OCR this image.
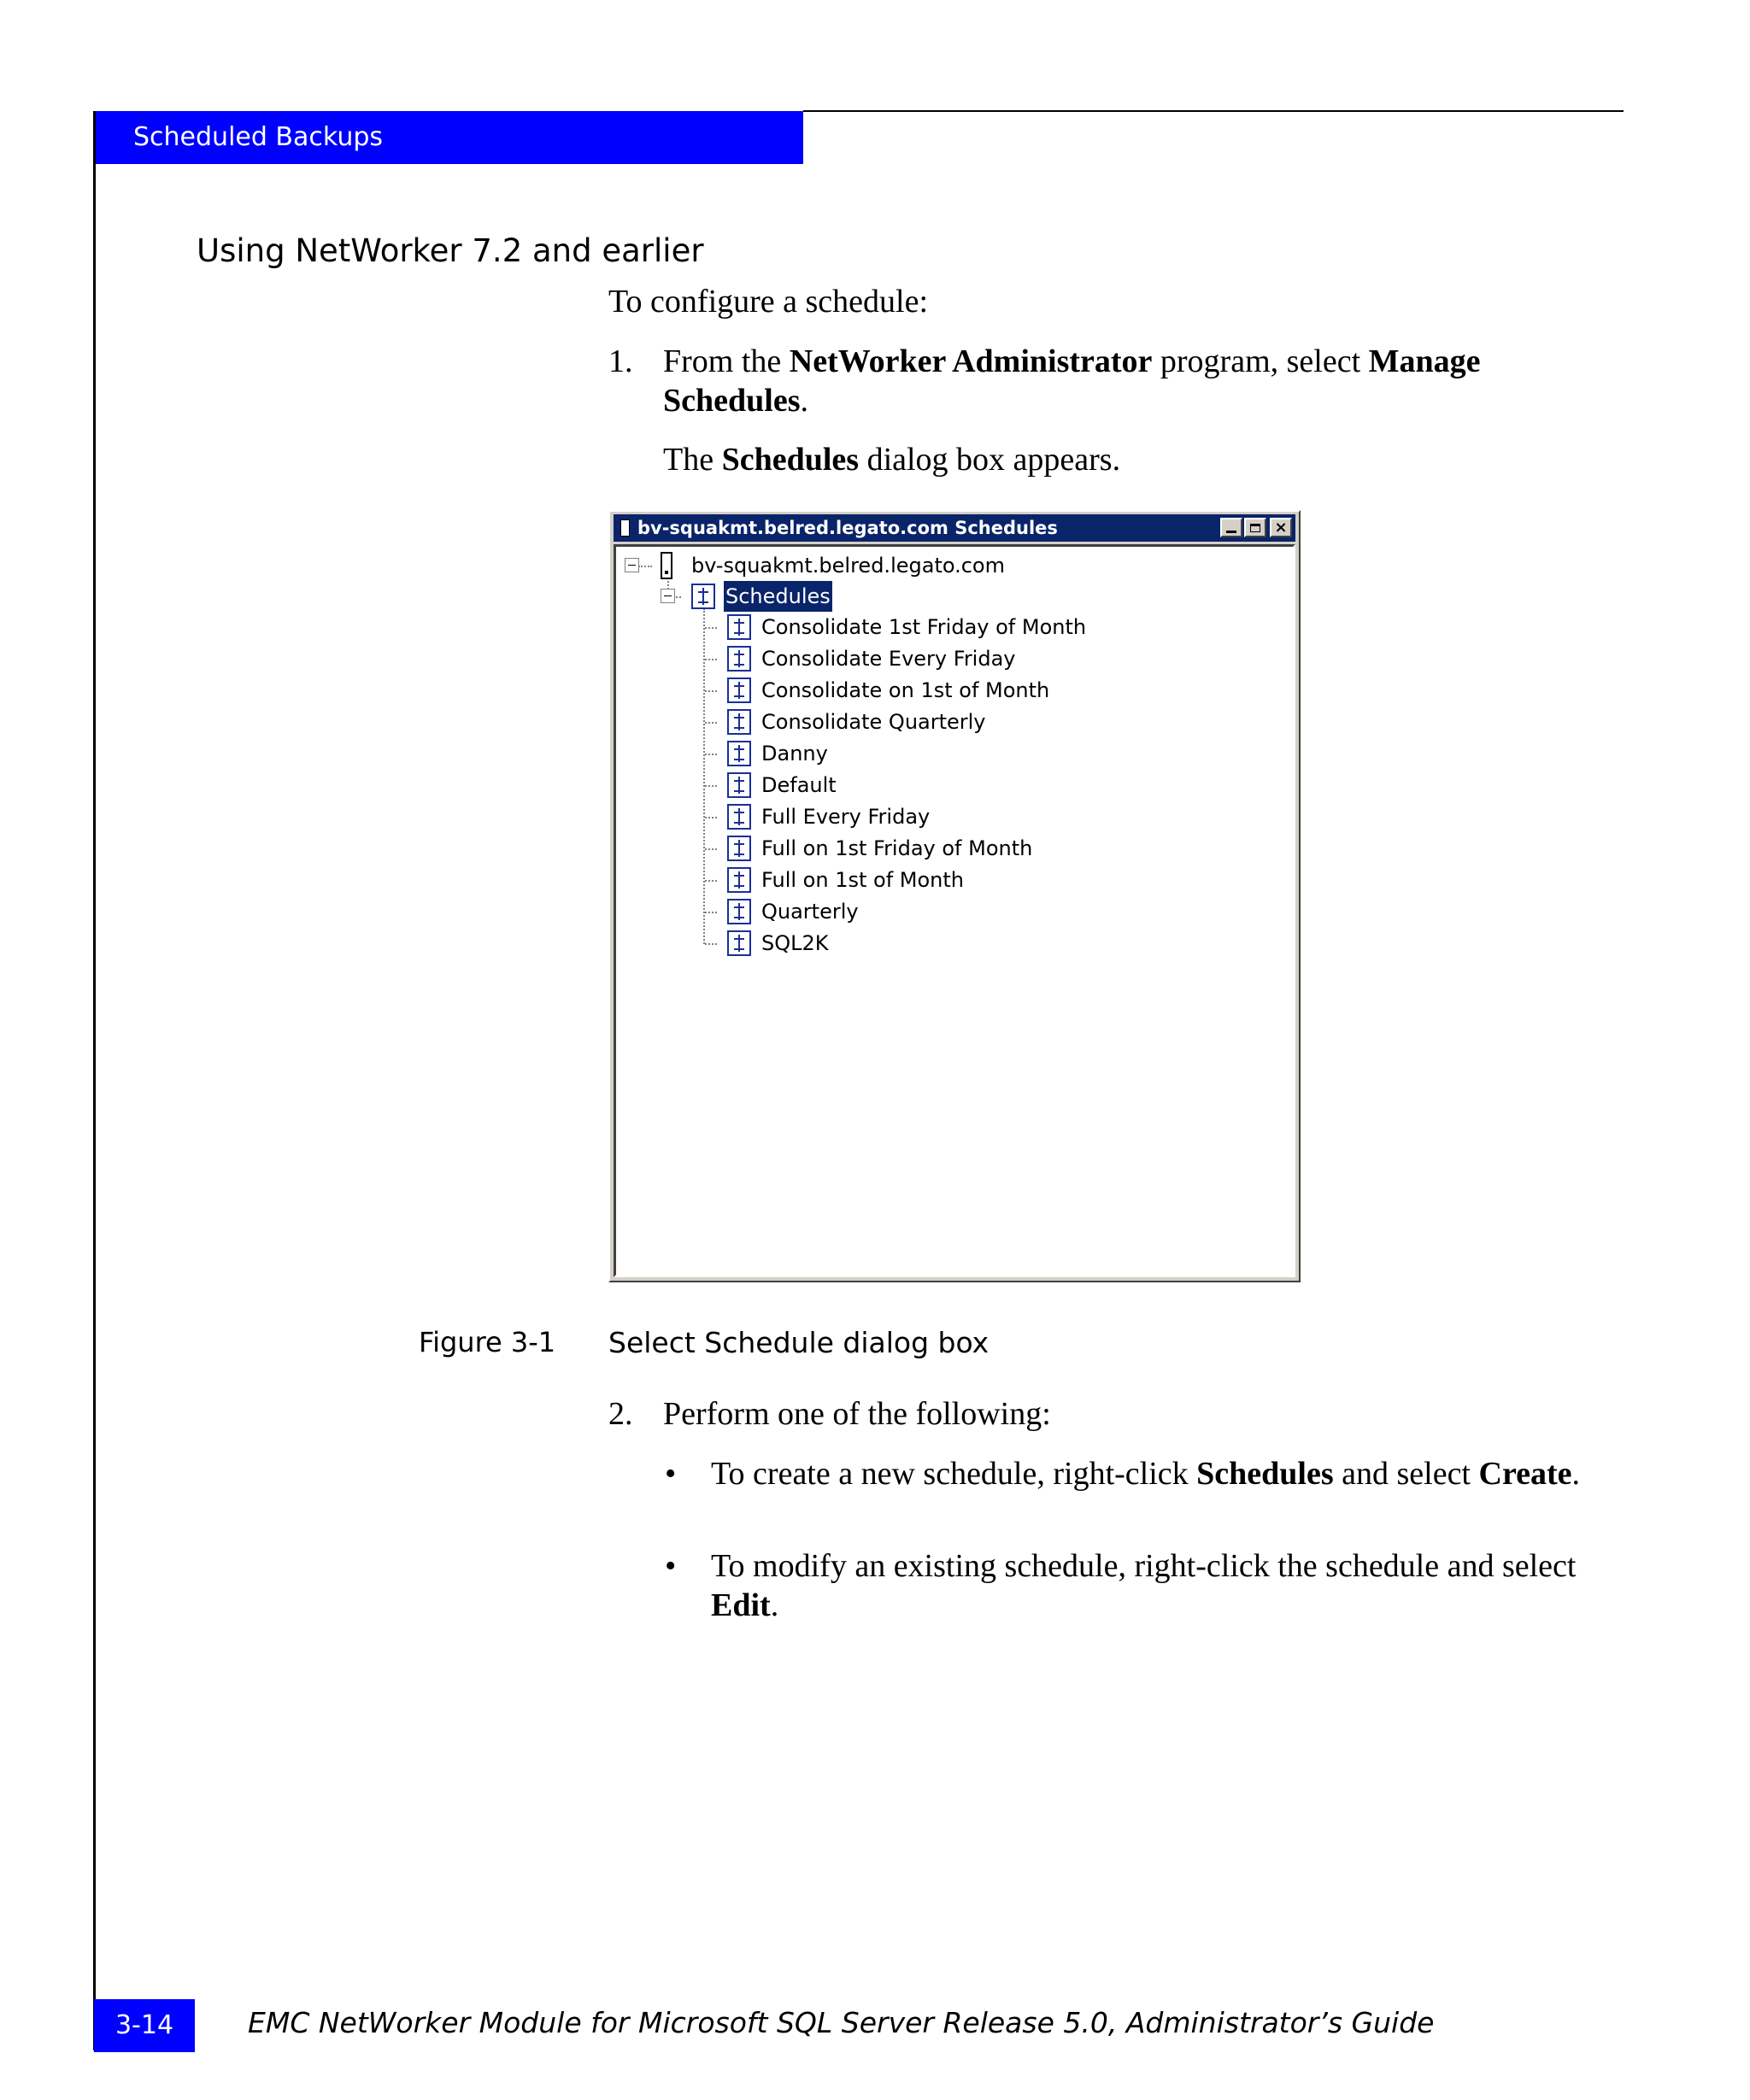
Scheduled Backups
Using NetWorker 7.2 and earlier
To configure a schedule:
1. From the NetWorker Administrator program, select Manage Schedules.
The Schedules dialog box appears.
bv-squakmt.belred.legato.com Schedules	×
bv-squakmt.belred.legato.com
Schedules
Consolidate 1st Friday of Month
Consolidate Every Friday
Consolidate on 1st of Month
Consolidate Quarterly
Danny
Default
Full Every Friday
Full on 1st Friday of Month
Full on 1st of Month
Quarterly
SQL2K
Figure 3-1 Select Schedule dialog box
2. Perform one of the following:
• To create a new schedule, right-click Schedules and select Create.
• To modify an existing schedule, right-click the schedule and select Edit.
3-14	EMC NetWorker Module for Microsoft SQL Server Release 5.0, Administrator’s Guide
